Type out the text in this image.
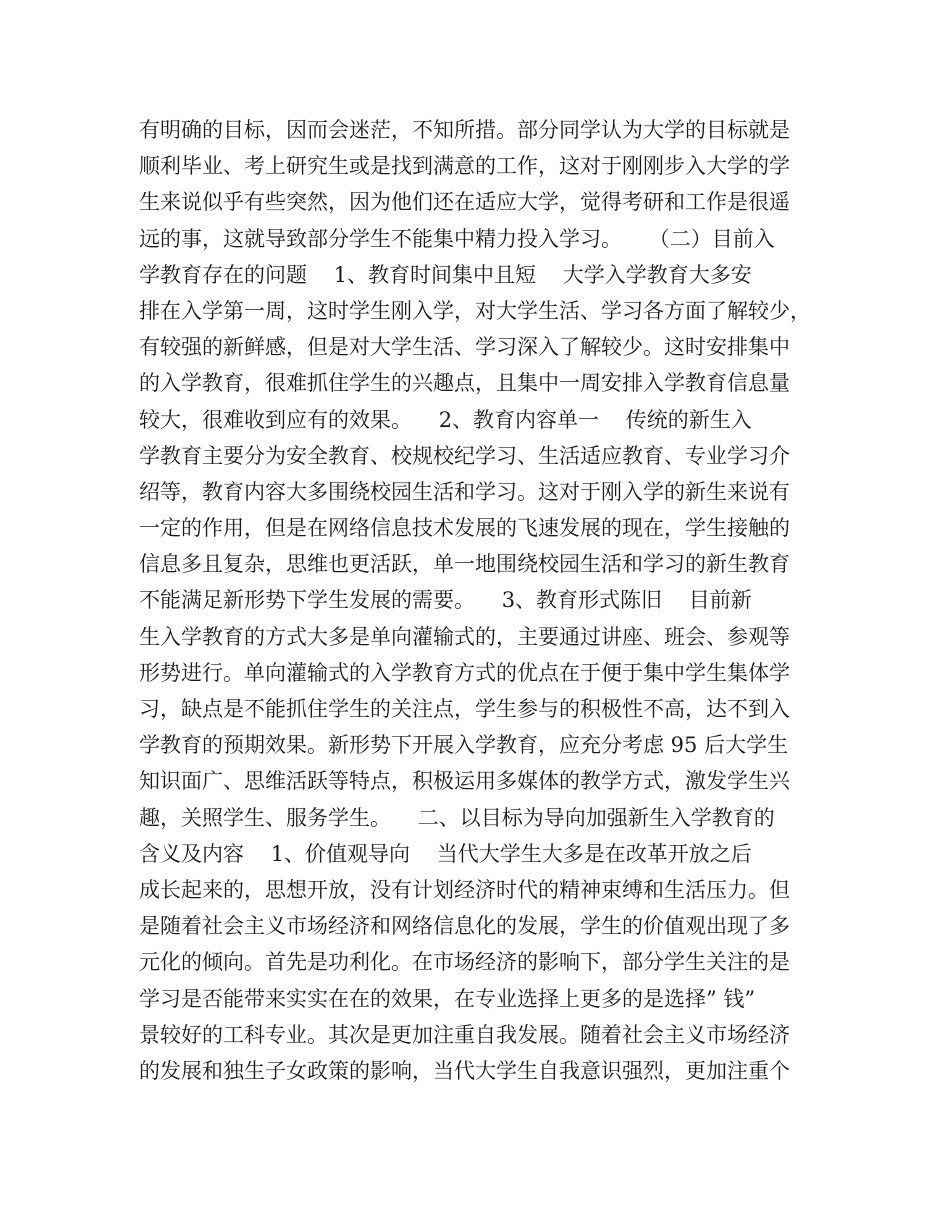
有明确的目标，因而会迷茫，不知所措。部分同学认为大学的目标就是
顺利毕业、考上研究生或是找到满意的工作，这对于刚刚步入大学的学
生来说似乎有些突然，因为他们还在适应大学，觉得考研和工作是很遥
远的事，这就导致部分学生不能集中精力投入学习。    （二）目前入
学教育存在的问题    1、教育时间集中且短    大学入学教育大多安
排在入学第一周，这时学生刚入学，对大学生活、学习各方面了解较少，
有较强的新鲜感，但是对大学生活、学习深入了解较少。这时安排集中
的入学教育，很难抓住学生的兴趣点，且集中一周安排入学教育信息量
较大，很难收到应有的效果。    2、教育内容单一    传统的新生入
学教育主要分为安全教育、校规校纪学习、生活适应教育、专业学习介
绍等，教育内容大多围绕校园生活和学习。这对于刚入学的新生来说有
一定的作用，但是在网络信息技术发展的飞速发展的现在，学生接触的
信息多且复杂，思维也更活跃，单一地围绕校园生活和学习的新生教育
不能满足新形势下学生发展的需要。    3、教育形式陈旧    目前新
生入学教育的方式大多是单向灌输式的，主要通过讲座、班会、参观等
形势进行。单向灌输式的入学教育方式的优点在于便于集中学生集体学
习，缺点是不能抓住学生的关注点，学生参与的积极性不高，达不到入
学教育的预期效果。新形势下开展入学教育，应充分考虑 95 后大学生
知识面广、思维活跃等特点，积极运用多媒体的教学方式，激发学生兴
趣，关照学生、服务学生。    二、以目标为导向加强新生入学教育的
含义及内容    1、价值观导向    当代大学生大多是在改革开放之后
成长起来的，思想开放，没有计划经济时代的精神束缚和生活压力。但
是随着社会主义市场经济和网络信息化的发展，学生的价值观出现了多
元化的倾向。首先是功利化。在市场经济的影响下，部分学生关注的是
学习是否能带来实实在在的效果，在专业选择上更多的是选择” 钱”
景较好的工科专业。其次是更加注重自我发展。随着社会主义市场经济
的发展和独生子女政策的影响，当代大学生自我意识强烈，更加注重个
